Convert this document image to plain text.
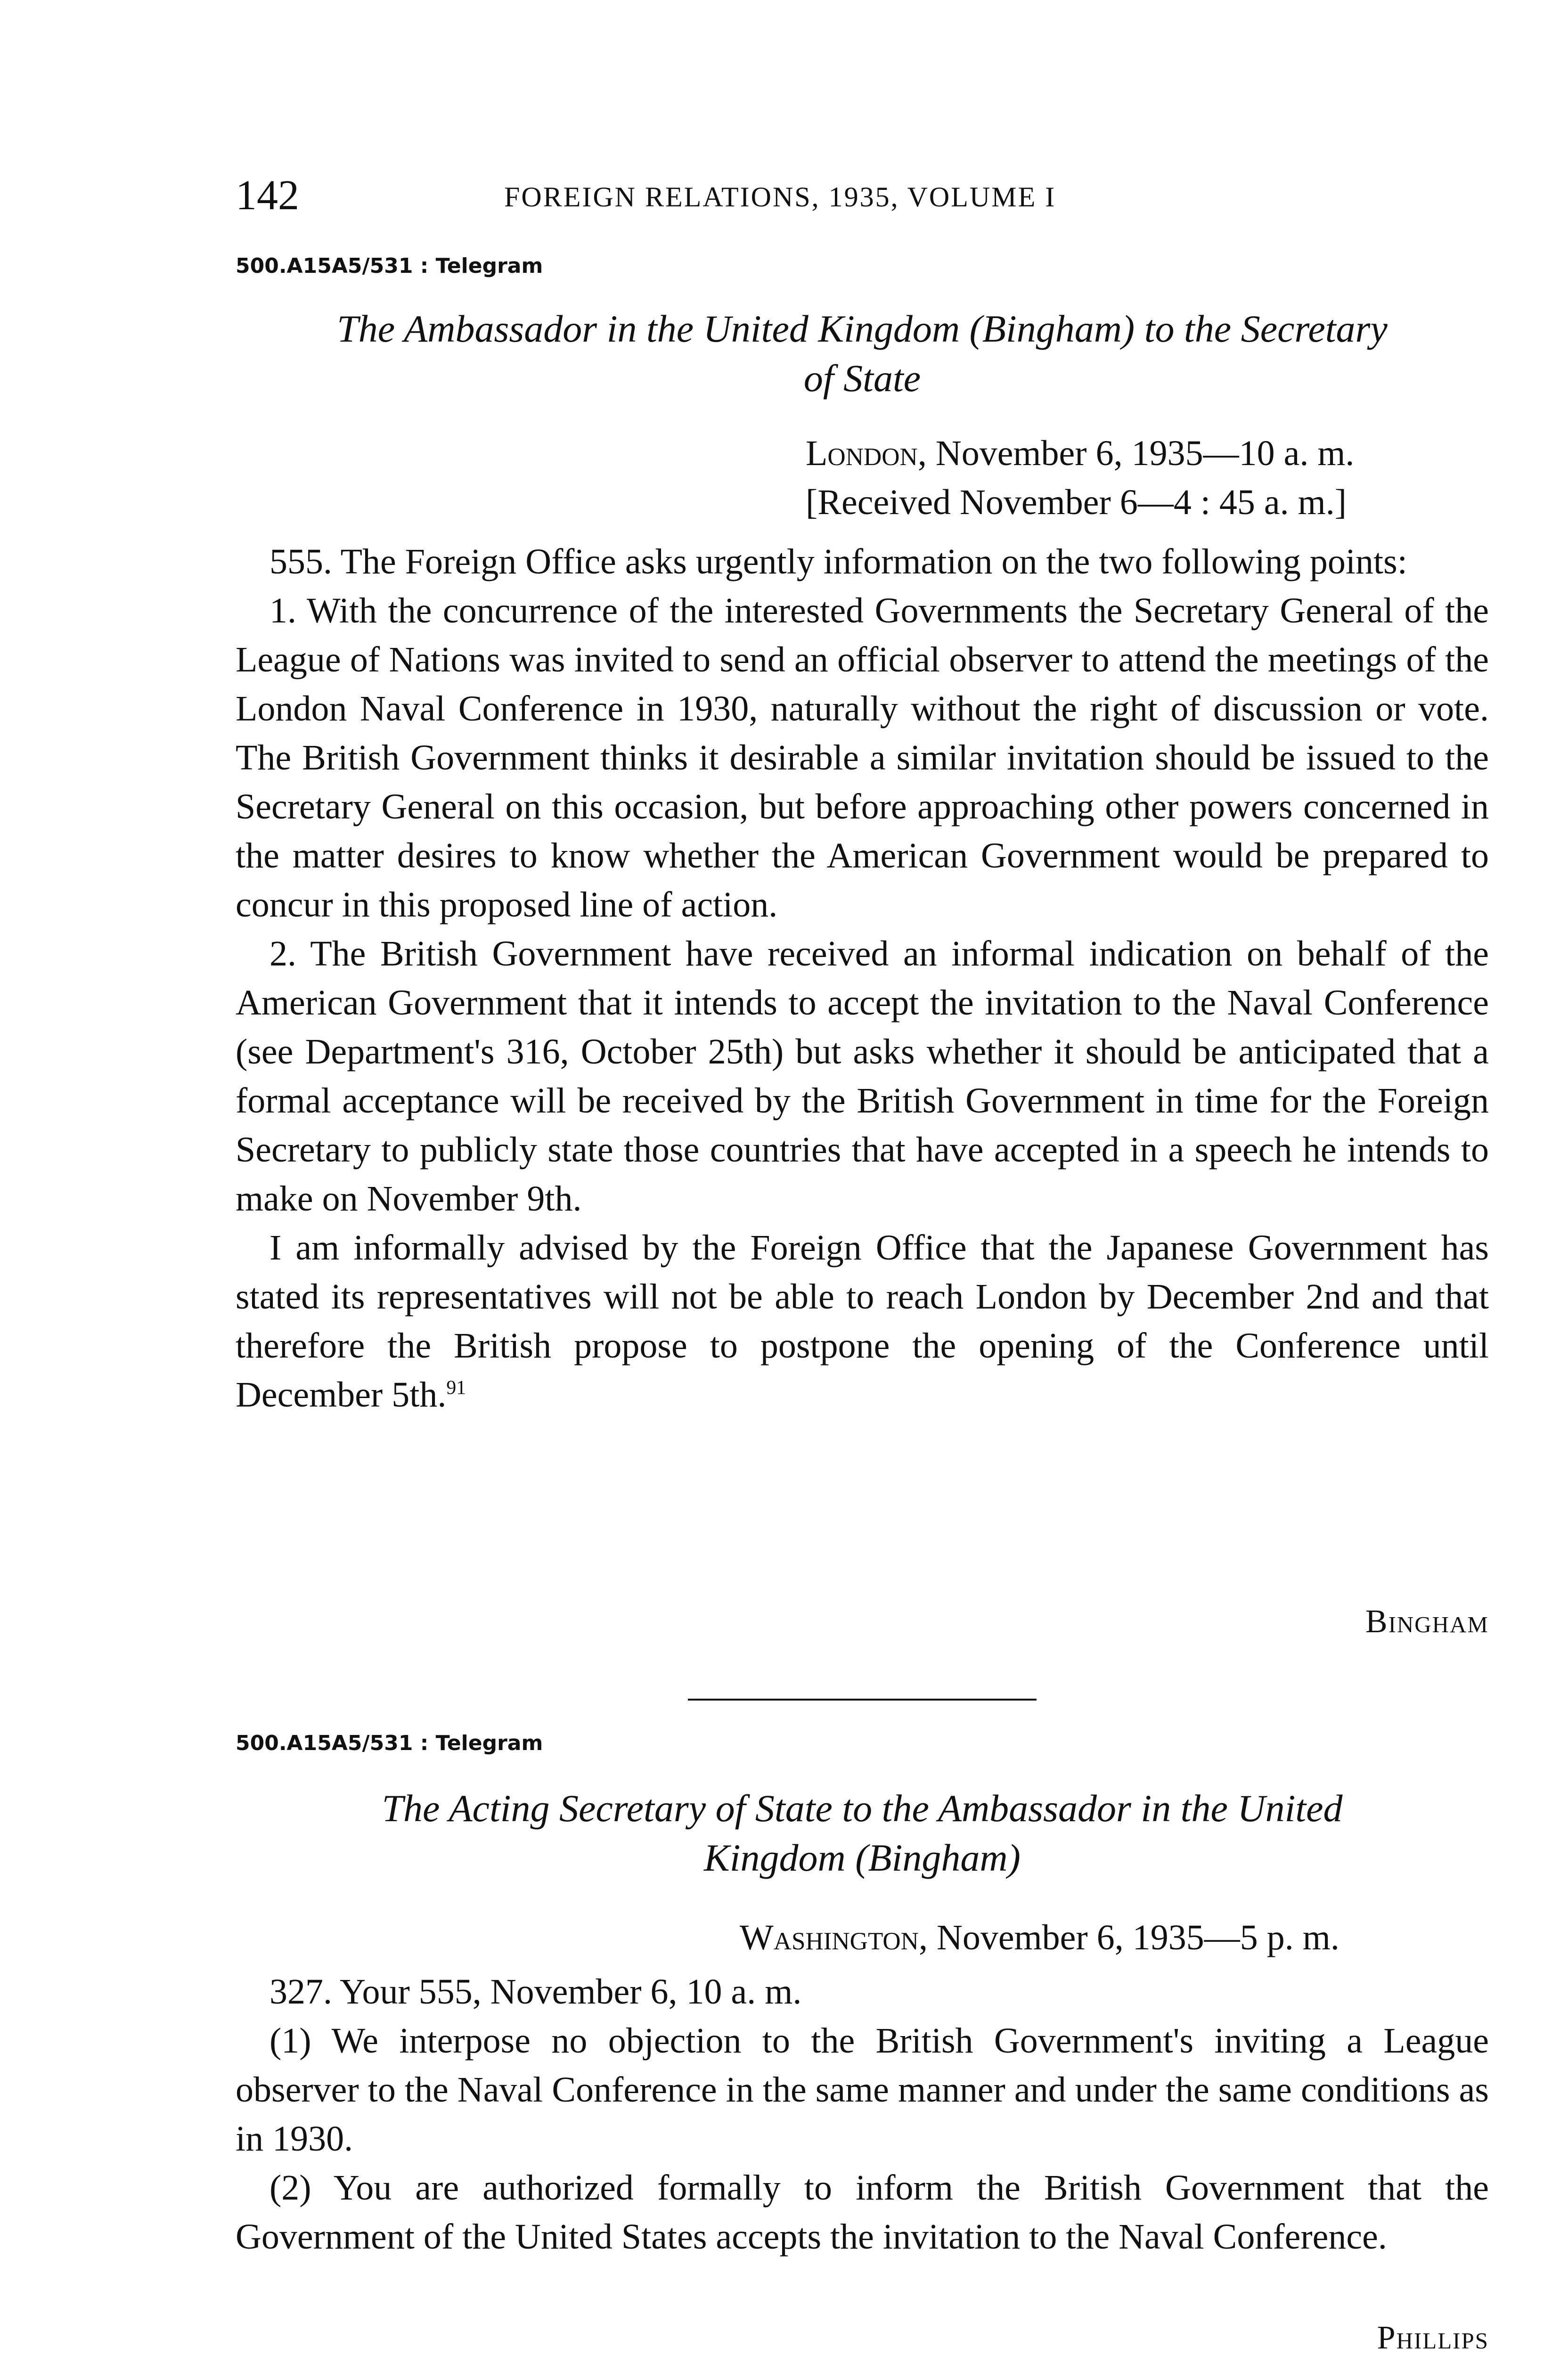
142	FOREIGN RELATIONS, 1935, VOLUME I
500.A15A5/531 : Telegram
The Ambassador in the United Kingdom (Bingham) to the Secretary
of State
London, November 6, 1935—10 a. m.
[Received November 6—4 : 45 a. m.]

555. The Foreign Office asks urgently information on the two following points:

1. With the concurrence of the interested Governments the Secretary General of the League of Nations was invited to send an official observer to attend the meetings of the London Naval Conference in 1930, naturally without the right of discussion or vote. The British Government thinks it desirable a similar invitation should be issued to the Secretary General on this occasion, but before approaching other powers concerned in the matter desires to know whether the American Government would be prepared to concur in this proposed line of action.

2. The British Government have received an informal indication on behalf of the American Government that it intends to accept the invitation to the Naval Conference (see Department's 316, October 25th) but asks whether it should be anticipated that a formal acceptance will be received by the British Government in time for the Foreign Secretary to publicly state those countries that have accepted in a speech he intends to make on November 9th.

I am informally advised by the Foreign Office that the Japanese Government has stated its representatives will not be able to reach London by December 2nd and that therefore the British propose to postpone the opening of the Conference until December 5th.$^{91}$

Bingham
500.A15A5/531 : Telegram
The Acting Secretary of State to the Ambassador in the United
Kingdom (Bingham)
Washington, November 6, 1935—5 p. m.

327. Your 555, November 6, 10 a. m.

(1) We interpose no objection to the British Government's inviting a League observer to the Naval Conference in the same manner and under the same conditions as in 1930.

(2) You are authorized formally to inform the British Government that the Government of the United States accepts the invitation to the Naval Conference.

Phillips
